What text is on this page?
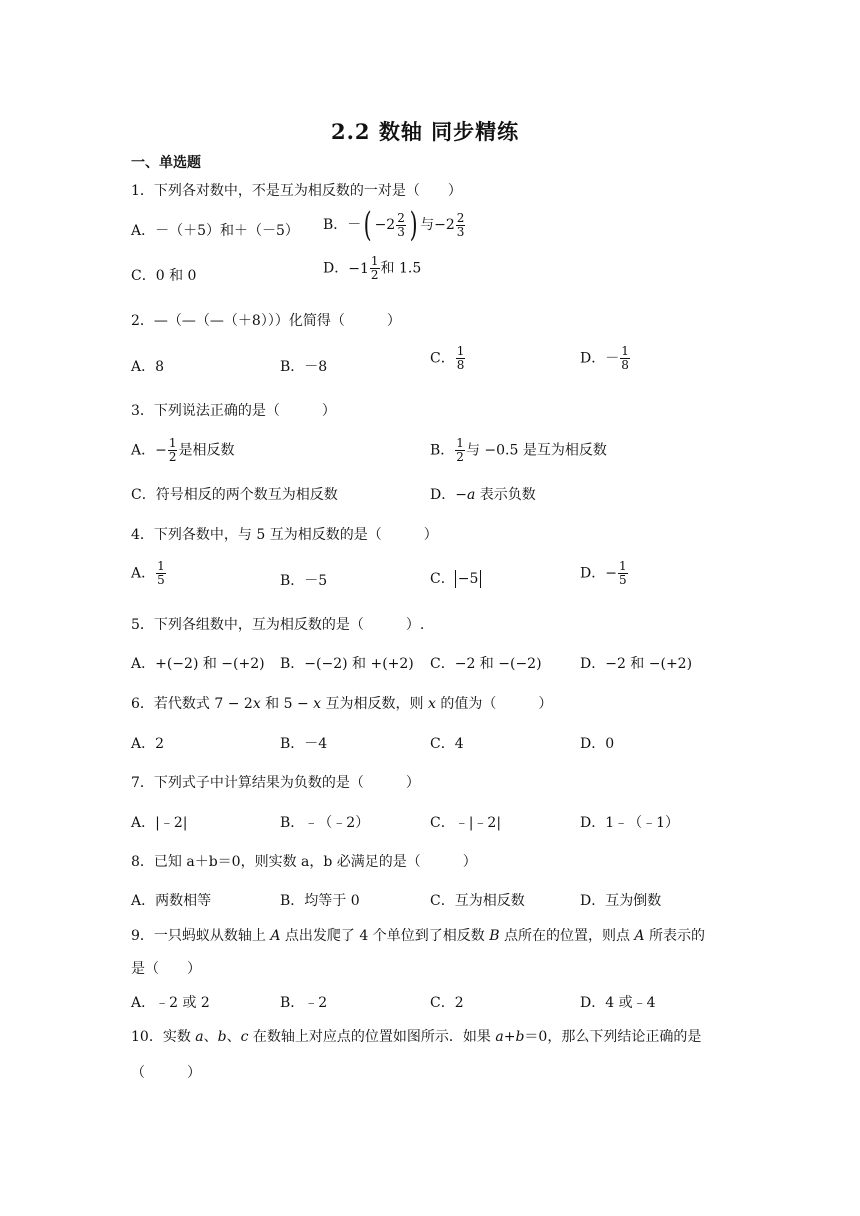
2.2 数轴 同步精练
一、单选题
1．下列各对数中，不是互为相反数的一对是（　　）
A．－（＋5）和＋（－5） B．－( $-2 \frac{2}{3}$ ) 与 $-2 \frac{2}{3}$
C．0 和 0	D． $-1 \frac{1}{2}$ 和 1.5
2．—（—（—（＋8）））化简得（　　　）
A．8	B．－8
C． $\frac{1}{8}$	D．－ $\frac{1}{8}$
3．下列说法正确的是（　　　）
A．− $\frac{1}{2}$ 是相反数	B． $\frac{1}{2}$ 与 −0.5 是互为相反数
C．符号相反的两个数互为相反数	D．−a 表示负数
4．下列各数中，与 5 互为相反数的是（　　　）
A． $\frac{1}{5}$	B．－5	C． −5	D．− $\frac{1}{5}$
5．下列各组数中，互为相反数的是（　　　）.
A．+(−2) 和 −(+2) B．−(−2) 和 +(+2) C．−2 和 −(−2)	D．−2 和 −(+2)
6．若代数式 7 − 2x 和 5 − x 互为相反数，则 x 的值为（　　　）
A．2	B．－4	C．4	D．0
7．下列式子中计算结果为负数的是（　　　）
A．|﹣2|	B．﹣（﹣2）	C．﹣|﹣2|	D．1﹣（﹣1）
8．已知 a＋b＝0，则实数 a，b 必满足的是（　　　）
A．两数相等	B．均等于 0	C．互为相反数	D．互为倒数
9．一只蚂蚁从数轴上 A 点出发爬了 4 个单位到了相反数 B 点所在的位置，则点 A 所表示的
是（　　）
A．﹣2 或 2	B．﹣2	C．2	D．4 或﹣4
10．实数 a、b、c 在数轴上对应点的位置如图所示．如果 a+b＝0，那么下列结论正确的是
（　　　）
